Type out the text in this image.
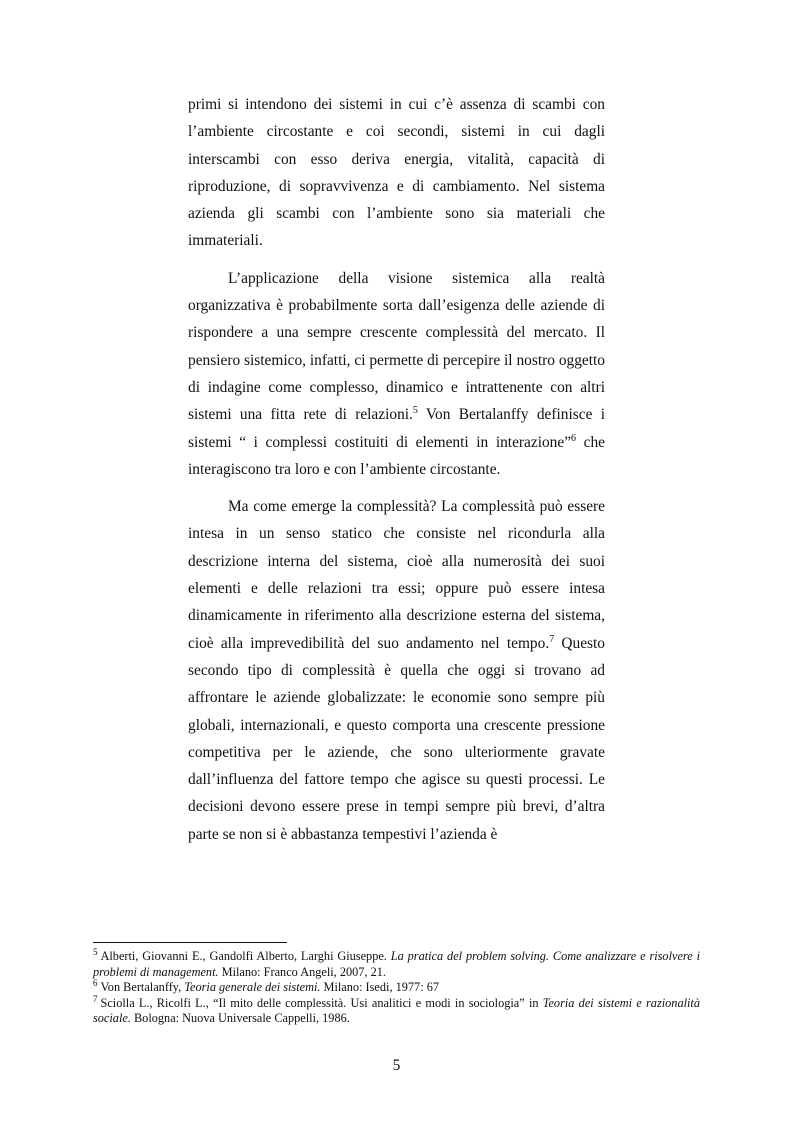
primi si intendono dei sistemi in cui c’è assenza di scambi con l’ambiente circostante e coi secondi, sistemi in cui dagli interscambi con esso deriva energia, vitalità, capacità di riproduzione, di sopravvivenza e di cambiamento. Nel sistema azienda gli scambi con l’ambiente sono sia materiali che immateriali.

L’applicazione della visione sistemica alla realtà organizzativa è probabilmente sorta dall’esigenza delle aziende di rispondere a una sempre crescente complessità del mercato. Il pensiero sistemico, infatti, ci permette di percepire il nostro oggetto di indagine come complesso, dinamico e intrattenente con altri sistemi una fitta rete di relazioni.$^5$ Von Bertalanffy definisce i sistemi “ i complessi costituiti di elementi in interazione”$^6$ che interagiscono tra loro e con l’ambiente circostante.

Ma come emerge la complessità? La complessità può essere intesa in un senso statico che consiste nel ricondurla alla descrizione interna del sistema, cioè alla numerosità dei suoi elementi e delle relazioni tra essi; oppure può essere intesa dinamicamente in riferimento alla descrizione esterna del sistema, cioè alla imprevedibilità del suo andamento nel tempo.$^7$ Questo secondo tipo di complessità è quella che oggi si trovano ad affrontare le aziende globalizzate: le economie sono sempre più globali, internazionali, e questo comporta una crescente pressione competitiva per le aziende, che sono ulteriormente gravate dall’influenza del fattore tempo che agisce su questi processi. Le decisioni devono essere prese in tempi sempre più brevi, d’altra parte se non si è abbastanza tempestivi l’azienda è

$^5$ Alberti, Giovanni E., Gandolfi Alberto, Larghi Giuseppe. La pratica del problem solving. Come analizzare e risolvere i problemi di management. Milano: Franco Angeli, 2007, 21.

$^6$ Von Bertalanffy, Teoria generale dei sistemi. Milano: Isedi, 1977: 67

$^7$ Sciolla L., Ricolfi L., “Il mito delle complessità. Usi analitici e modi in sociologia” in Teoria dei sistemi e razionalità sociale. Bologna: Nuova Universale Cappelli, 1986.

5
